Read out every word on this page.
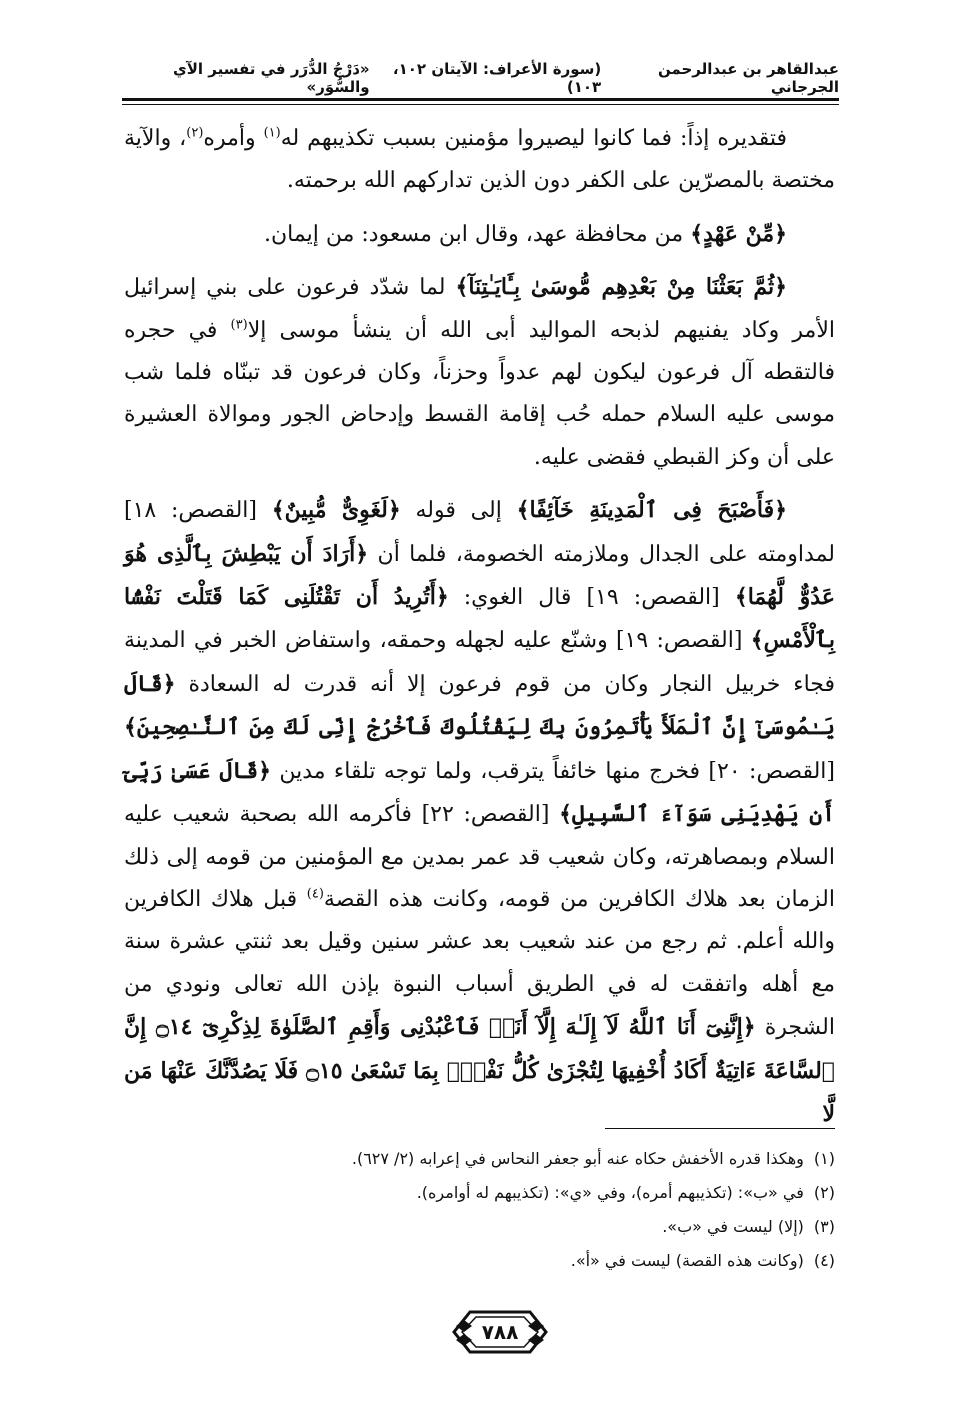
عبدالقاهر بن عبدالرحمن الجرجاني
(سورة الأعراف: الآيتان ١٠٢، ١٠٣)
«دَرْجُ الدُّرَر في تفسير الآي والسُّوَر»

فتقديره إذاً: فما كانوا ليصيروا مؤمنين بسبب تكذيبهم له$^{(١)}$ وأمره$^{(٢)}$، والآية مختصة بالمصرّين على الكفر دون الذين تداركهم الله برحمته.

﴿مِّنْ عَهْدٍ﴾ من محافظة عهد، وقال ابن مسعود: من إيمان.

﴿ثُمَّ بَعَثْنَا مِنْ بَعْدِهِم مُّوسَىٰ بِـَٔايَـٰتِنَآ﴾ لما شدّد فرعون على بني إسرائيل الأمر وكاد يفنيهم لذبحه المواليد أبى الله أن ينشأ موسى إلا$^{(٣)}$ في حجره فالتقطه آل فرعون ليكون لهم عدواً وحزناً، وكان فرعون قد تبنّاه فلما شب موسى عليه السلام حمله حُب إقامة القسط وإدحاض الجور وموالاة العشيرة على أن وكز القبطي فقضى عليه.

﴿فَأَصْبَحَ فِى ٱلْمَدِينَةِ خَآئِفًا﴾ إلى قوله ﴿لَغَوِىٌّ مُّبِينٌ﴾ [القصص: ١٨] لمداومته على الجدال وملازمته الخصومة، فلما أن ﴿أَرَادَ أَن يَبْطِشَ بِٱلَّذِى هُوَ عَدُوٌّ لَّهُمَا﴾ [القصص: ١٩] قال الغوي: ﴿أَتُرِيدُ أَن تَقْتُلَنِى كَمَا قَتَلْتَ نَفْسًۢا بِٱلْأَمْسِ﴾ [القصص: ١٩] وشنّع عليه لجهله وحمقه، واستفاض الخبر في المدينة فجاء خربيل النجار وكان من قوم فرعون إلا أنه قدرت له السعادة ﴿قَالَ يَـٰمُوسَىٰٓ إِنَّ ٱلْمَلَأَ يَأْتَمِرُونَ بِكَ لِيَقْتُلُوكَ فَٱخْرُجْ إِنِّى لَكَ مِنَ ٱلنَّـٰصِحِينَ﴾ [القصص: ٢٠] فخرج منها خائفاً يترقب، ولما توجه تلقاء مدين ﴿قَالَ عَسَىٰ رَبِّىٓ أَن يَهْدِيَنِى سَوَآءَ ٱلسَّبِيلِ﴾ [القصص: ٢٢] فأكرمه الله بصحبة شعيب عليه السلام وبمصاهرته، وكان شعيب قد عمر بمدين مع المؤمنين من قومه إلى ذلك الزمان بعد هلاك الكافرين من قومه، وكانت هذه القصة$^{(٤)}$ قبل هلاك الكافرين والله أعلم. ثم رجع من عند شعيب بعد عشر سنين وقيل بعد ثنتي عشرة سنة مع أهله واتفقت له في الطريق أسباب النبوة بإذن الله تعالى ونودي من الشجرة ﴿إِنَّنِىٓ أَنَا ٱللَّهُ لَآ إِلَـٰهَ إِلَّآ أَنَا۠ فَٱعْبُدْنِى وَأَقِمِ ٱلصَّلَوٰةَ لِذِكْرِىٓ ۝١٤ إِنَّ ٱلسَّاعَةَ ءَاتِيَةٌ أَكَادُ أُخْفِيهَا لِتُجْزَىٰ كُلُّ نَفْسٍۭ بِمَا تَسْعَىٰ ۝١٥ فَلَا يَصُدَّنَّكَ عَنْهَا مَن لَّا

(١)وهكذا قدره الأخفش حكاه عنه أبو جعفر النحاس في إعرابه (٢/ ٦٢٧).
(٢)في «ب»: (تكذيبهم أمره)، وفي «ي»: (تكذيبهم له أوامره).
(٣)(إلا) ليست في «ب».
(٤)(وكانت هذه القصة) ليست في «أ».
٧٨٨
